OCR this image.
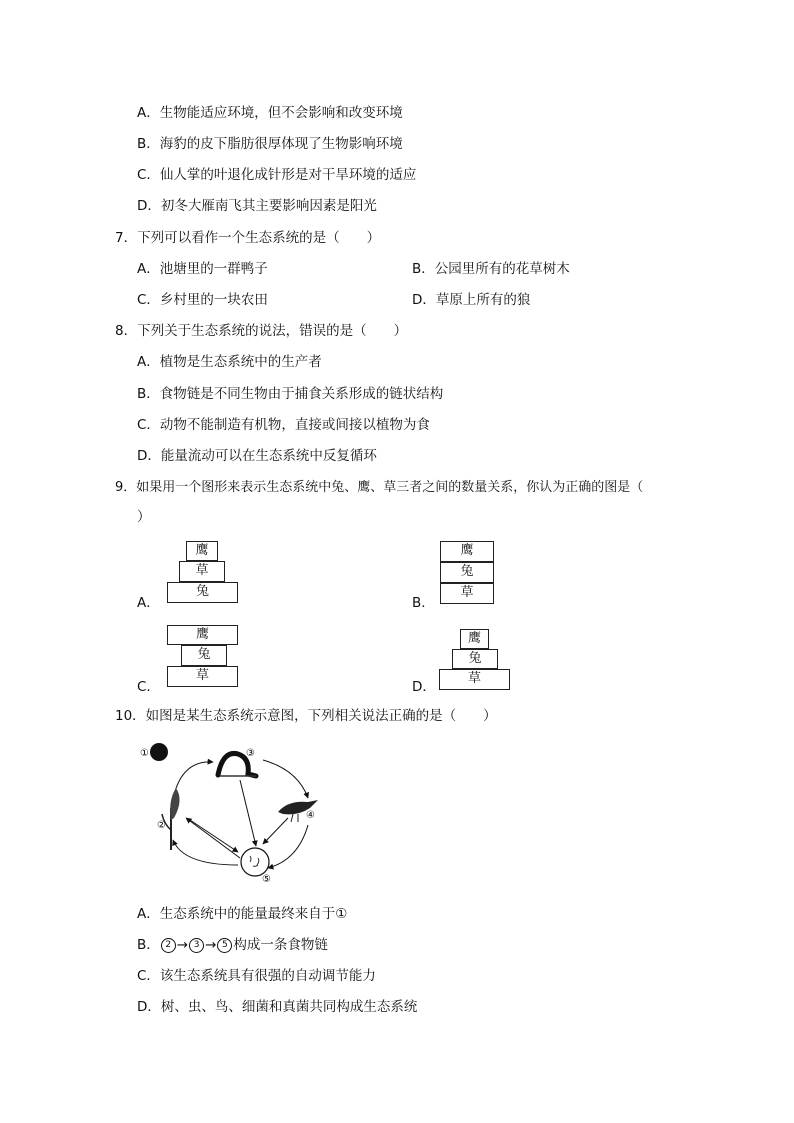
A．生物能适应环境，但不会影响和改变环境
B．海豹的皮下脂肪很厚体现了生物影响环境
C．仙人掌的叶退化成针形是对干旱环境的适应
D．初冬大雁南飞其主要影响因素是阳光
7．下列可以看作一个生态系统的是（　　）
A．池塘里的一群鸭子	B．公园里所有的花草树木
C．乡村里的一块农田	D．草原上所有的狼
8．下列关于生态系统的说法，错误的是（　　）
A．植物是生态系统中的生产者
B．食物链是不同生物由于捕食关系形成的链状结构
C．动物不能制造有机物，直接或间接以植物为食
D．能量流动可以在生态系统中反复循环
9．如果用一个图形来表示生态系统中兔、鹰、草三者之间的数量关系，你认为正确的图是（
）
A．
鹰
草
兔
B．
鹰
兔
草
C．
鹰
兔
草
D．
鹰
兔
草
10．如图是某生态系统示意图，下列相关说法正确的是（　　）
①
②
③
④
⑤
A．生态系统中的能量最终来自于①
B． 2 → 3 → 5 构成一条食物链
C．该生态系统具有很强的自动调节能力
D．树、虫、鸟、细菌和真菌共同构成生态系统
